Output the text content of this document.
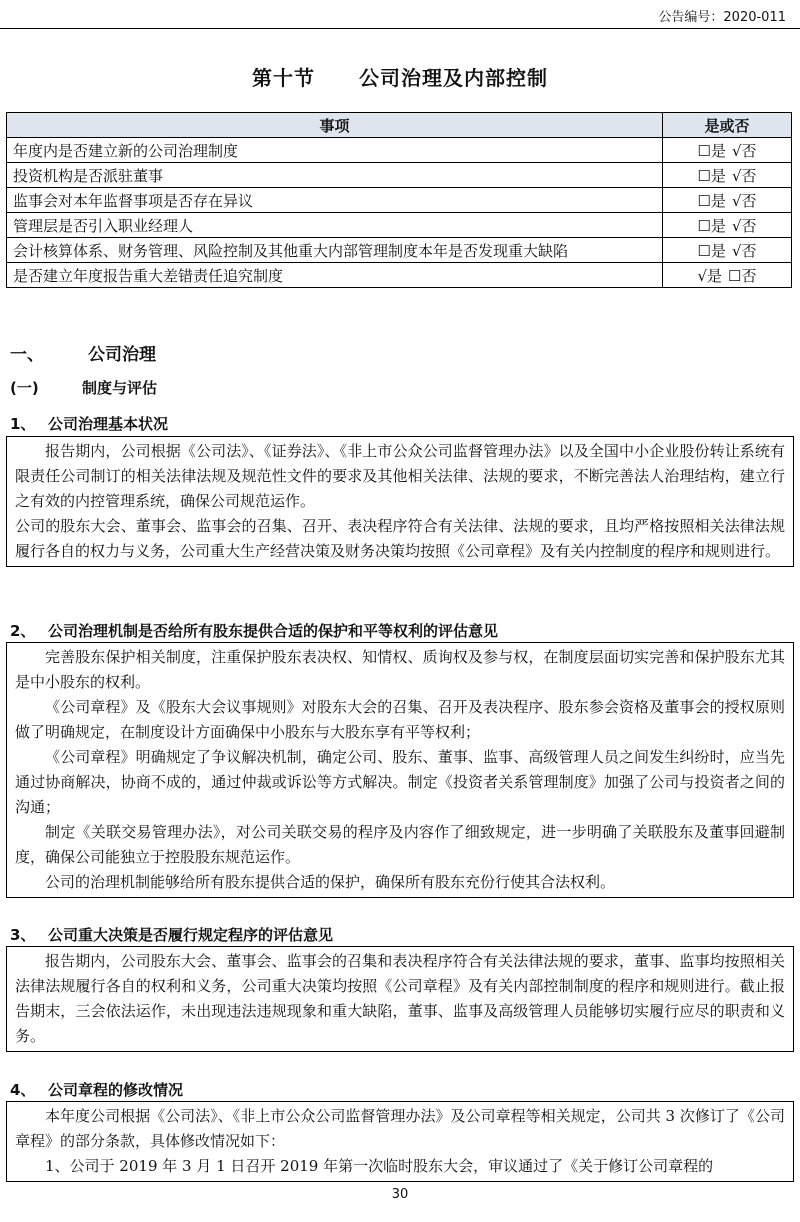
公告编号：2020-011
第十节 公司治理及内部控制
事项	是或否
年度内是否建立新的公司治理制度	☐是 √否
投资机构是否派驻董事	☐是 √否
监事会对本年监督事项是否存在异议	☐是 √否
管理层是否引入职业经理人	☐是 √否
会计核算体系、财务管理、风险控制及其他重大内部管理制度本年是否发现重大缺陷	☐是 √否
是否建立年度报告重大差错责任追究制度	√是 ☐否
一、	公司治理
(一)	制度与评估
1、 公司治理基本状况

报告期内，公司根据《公司法》、《证券法》、《非上市公众公司监督管理办法》以及全国中小企业股份转让系统有限责任公司制订的相关法律法规及规范性文件的要求及其他相关法律、法规的要求，不断完善法人治理结构，建立行之有效的内控管理系统，确保公司规范运作。

公司的股东大会、董事会、监事会的召集、召开、表决程序符合有关法律、法规的要求，且均严格按照相关法律法规履行各自的权力与义务，公司重大生产经营决策及财务决策均按照《公司章程》及有关内控制度的程序和规则进行。

2、 公司治理机制是否给所有股东提供合适的保护和平等权利的评估意见

完善股东保护相关制度，注重保护股东表决权、知情权、质询权及参与权，在制度层面切实完善和保护股东尤其是中小股东的权利。

《公司章程》及《股东大会议事规则》对股东大会的召集、召开及表决程序、股东参会资格及董事会的授权原则做了明确规定，在制度设计方面确保中小股东与大股东享有平等权利；

《公司章程》明确规定了争议解决机制，确定公司、股东、董事、监事、高级管理人员之间发生纠纷时，应当先通过协商解决，协商不成的，通过仲裁或诉讼等方式解决。制定《投资者关系管理制度》加强了公司与投资者之间的沟通；

制定《关联交易管理办法》，对公司关联交易的程序及内容作了细致规定，进一步明确了关联股东及董事回避制度，确保公司能独立于控股股东规范运作。

公司的治理机制能够给所有股东提供合适的保护，确保所有股东充份行使其合法权利。

3、 公司重大决策是否履行规定程序的评估意见

报告期内，公司股东大会、董事会、监事会的召集和表决程序符合有关法律法规的要求，董事、监事均按照相关法律法规履行各自的权利和义务，公司重大决策均按照《公司章程》及有关内部控制制度的程序和规则进行。截止报告期末，三会依法运作，未出现违法违规现象和重大缺陷，董事、监事及高级管理人员能够切实履行应尽的职责和义务。

4、 公司章程的修改情况

本年度公司根据《公司法》、《非上市公众公司监督管理办法》及公司章程等相关规定，公司共 3 次修订了《公司章程》的部分条款，具体修改情况如下：

1、公司于 2019 年 3 月 1 日召开 2019 年第一次临时股东大会，审议通过了《关于修订公司章程的

30
